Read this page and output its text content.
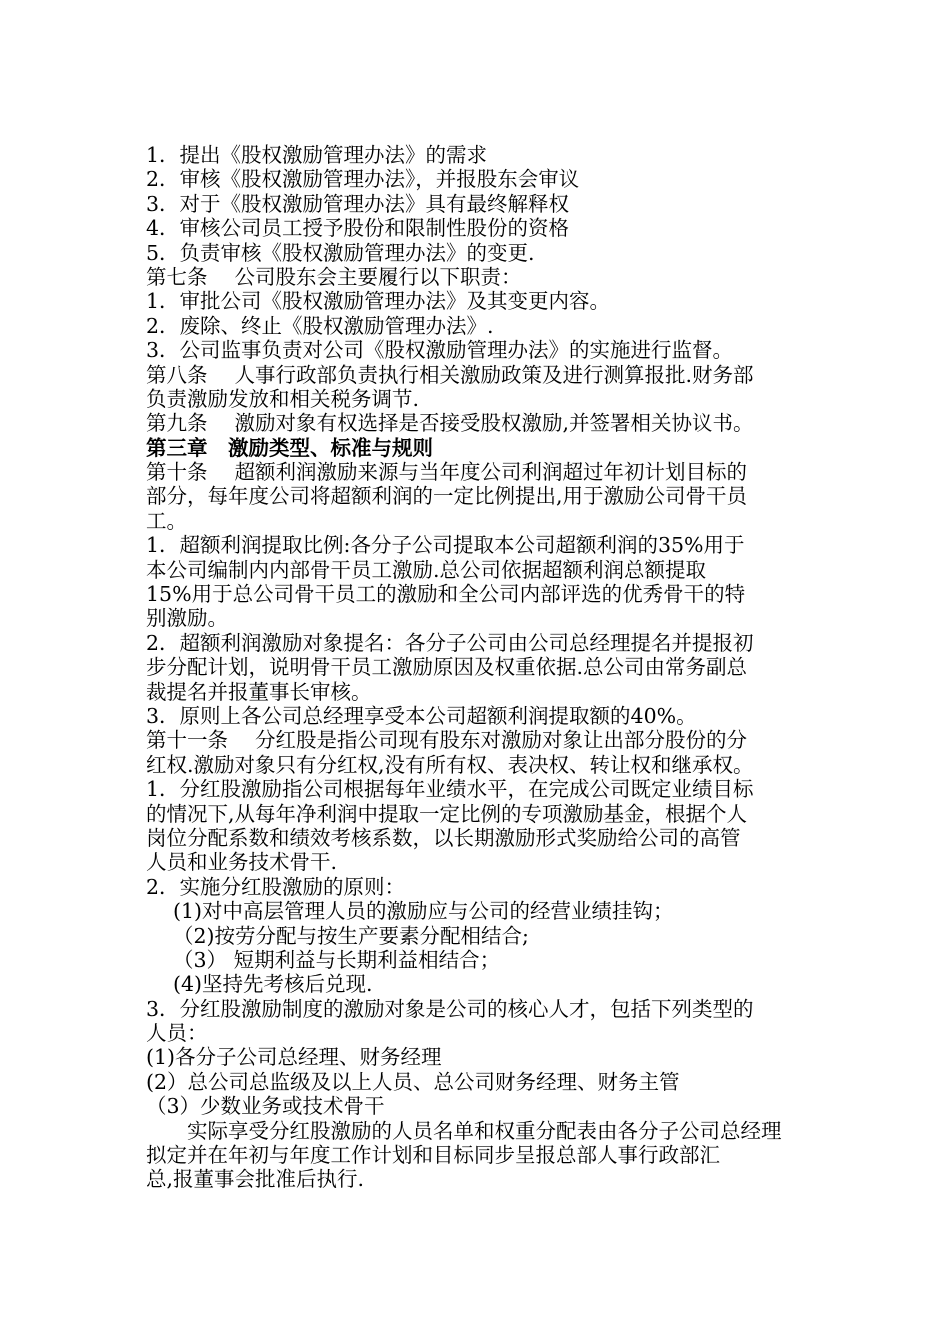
1．提出《股权激励管理办法》的需求
2．审核《股权激励管理办法》，并报股东会审议
3．对于《股权激励管理办法》具有最终解释权
4．审核公司员工授予股份和限制性股份的资格
5．负责审核《股权激励管理办法》的变更.
第七条　 公司股东会主要履行以下职责：
1．审批公司《股权激励管理办法》及其变更内容。
2．废除、终止《股权激励管理办法》.
3．公司监事负责对公司《股权激励管理办法》的实施进行监督。
第八条　 人事行政部负责执行相关激励政策及进行测算报批.财务部
负责激励发放和相关税务调节.
第九条　 激励对象有权选择是否接受股权激励,并签署相关协议书。
第三章　激励类型、标准与规则
第十条　 超额利润激励来源与当年度公司利润超过年初计划目标的
部分，每年度公司将超额利润的一定比例提出,用于激励公司骨干员
工。
1．超额利润提取比例:各分子公司提取本公司超额利润的35%用于
本公司编制内内部骨干员工激励.总公司依据超额利润总额提取
15%用于总公司骨干员工的激励和全公司内部评选的优秀骨干的特
别激励。
2．超额利润激励对象提名：各分子公司由公司总经理提名并提报初
步分配计划，说明骨干员工激励原因及权重依据.总公司由常务副总
裁提名并报董事长审核。
3．原则上各公司总经理享受本公司超额利润提取额的40%。
第十一条　 分红股是指公司现有股东对激励对象让出部分股份的分
红权.激励对象只有分红权,没有所有权、表决权、转让权和继承权。
1．分红股激励指公司根据每年业绩水平，在完成公司既定业绩目标
的情况下,从每年净利润中提取一定比例的专项激励基金，根据个人
岗位分配系数和绩效考核系数，以长期激励形式奖励给公司的高管
人员和业务技术骨干.
2．实施分红股激励的原则：
　 (1)对中高层管理人员的激励应与公司的经营业绩挂钩；
　 （2)按劳分配与按生产要素分配相结合;
　 （3） 短期利益与长期利益相结合；
　 (4)坚持先考核后兑现.
3．分红股激励制度的激励对象是公司的核心人才，包括下列类型的
人员：
(1)各分子公司总经理、财务经理
(2）总公司总监级及以上人员、总公司财务经理、财务主管
（3）少数业务或技术骨干
　　实际享受分红股激励的人员名单和权重分配表由各分子公司总经理
拟定并在年初与年度工作计划和目标同步呈报总部人事行政部汇
总,报董事会批准后执行.
